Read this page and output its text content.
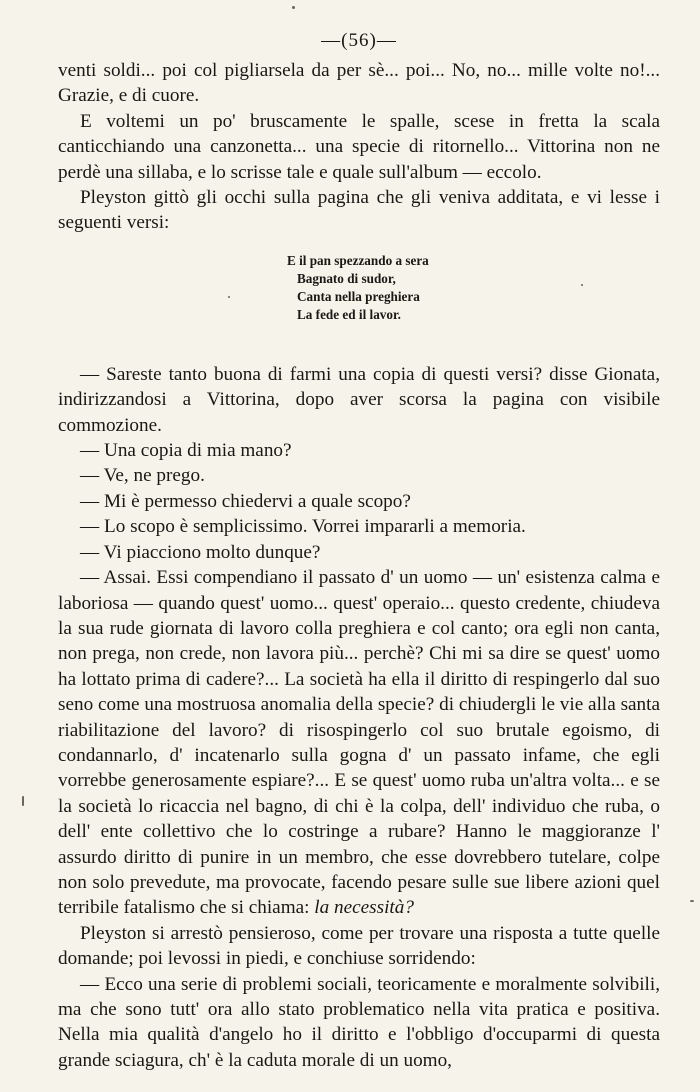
—(56)—

venti soldi... poi col pigliarsela da per sè... poi... No, no... mille volte no!... Grazie, e di cuore.

E voltemi un po' bruscamente le spalle, scese in fretta la scala canticchiando una canzonetta... una specie di ritornello... Vittorina non ne perdè una sillaba, e lo scrisse tale e quale sull'album — eccolo.

Pleyston gittò gli occhi sulla pagina che gli veniva additata, e vi lesse i seguenti versi:

E il pan spezzando a sera
Bagnato di sudor,
Canta nella preghiera
La fede ed il lavor.

— Sareste tanto buona di farmi una copia di questi versi? disse Gionata, indirizzandosi a Vittorina, dopo aver scorsa la pagina con visibile commozione.

— Una copia di mia mano?

— Ve, ne prego.

— Mi è permesso chiedervi a quale scopo?

— Lo scopo è semplicissimo. Vorrei impararli a memoria.

— Vi piacciono molto dunque?

— Assai. Essi compendiano il passato d' un uomo — un' esistenza calma e laboriosa — quando quest' uomo... quest' operaio... questo credente, chiudeva la sua rude giornata di lavoro colla preghiera e col canto; ora egli non canta, non prega, non crede, non lavora più... perchè? Chi mi sa dire se quest' uomo ha lottato prima di cadere?... La società ha ella il diritto di respingerlo dal suo seno come una mostruosa anomalia della specie? di chiudergli le vie alla santa riabilitazione del lavoro? di risospingerlo col suo brutale egoismo, di condannarlo, d' incatenarlo sulla gogna d' un passato infame, che egli vorrebbe generosamente espiare?... E se quest' uomo ruba un'altra volta... e se la società lo ricaccia nel bagno, di chi è la colpa, dell' individuo che ruba, o dell' ente collettivo che lo costringe a rubare? Hanno le maggioranze l' assurdo diritto di punire in un membro, che esse dovrebbero tutelare, colpe non solo prevedute, ma provocate, facendo pesare sulle sue libere azioni quel terribile fatalismo che si chiama: la necessità?

Pleyston si arrestò pensieroso, come per trovare una risposta a tutte quelle domande; poi levossi in piedi, e conchiuse sorridendo:

— Ecco una serie di problemi sociali, teoricamente e moralmente solvibili, ma che sono tutt' ora allo stato problematico nella vita pratica e positiva. Nella mia qualità d'angelo ho il diritto e l'obbligo d'occuparmi di questa grande sciagura, ch' è la caduta morale di un uomo,
